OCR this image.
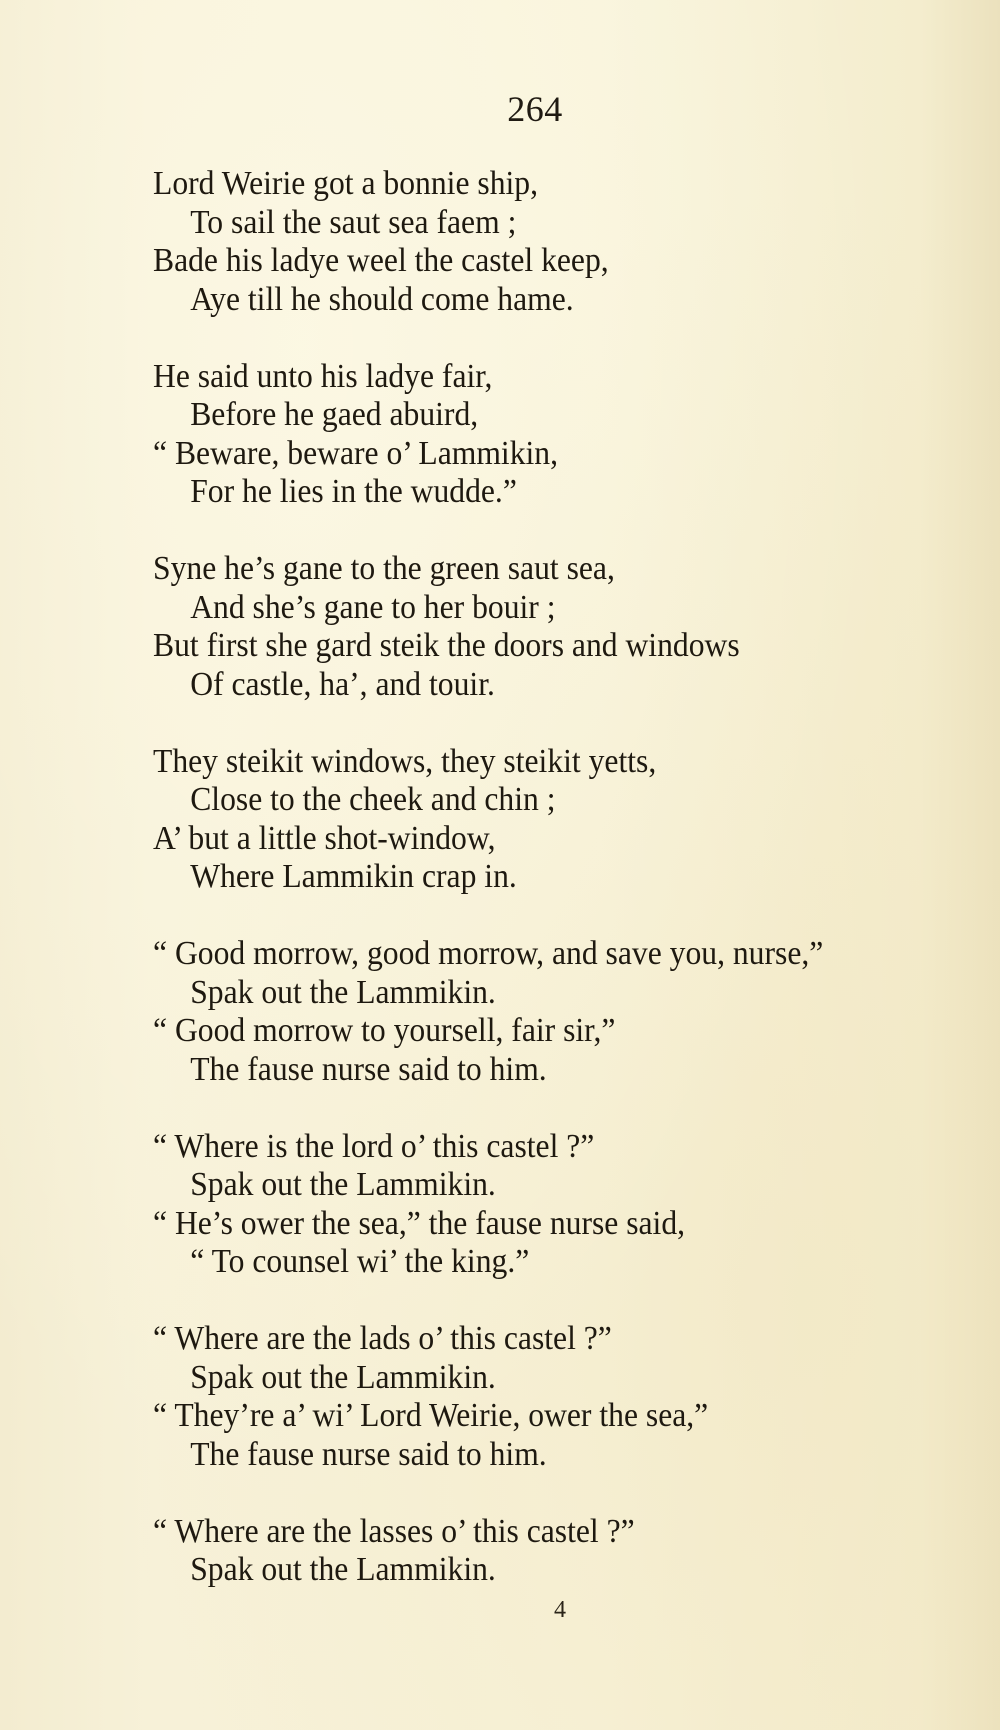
264
Lord Weirie got a bonnie ship,
To sail the saut sea faem ;
Bade his ladye weel the castel keep,
Aye till he should come hame.
He said unto his ladye fair,
Before he gaed abuird,
“ Beware, beware o’ Lammikin,
For he lies in the wudde.”
Syne he’s gane to the green saut sea,
And she’s gane to her bouir ;
But first she gard steik the doors and windows
Of castle, ha’, and touir.
They steikit windows, they steikit yetts,
Close to the cheek and chin ;
A’ but a little shot-window,
Where Lammikin crap in.
“ Good morrow, good morrow, and save you, nurse,”
Spak out the Lammikin.
“ Good morrow to yoursell, fair sir,”
The fause nurse said to him.
“ Where is the lord o’ this castel ?”
Spak out the Lammikin.
“ He’s ower the sea,” the fause nurse said,
“ To counsel wi’ the king.”
“ Where are the lads o’ this castel ?”
Spak out the Lammikin.
“ They’re a’ wi’ Lord Weirie, ower the sea,”
The fause nurse said to him.
“ Where are the lasses o’ this castel ?”
Spak out the Lammikin.
4
